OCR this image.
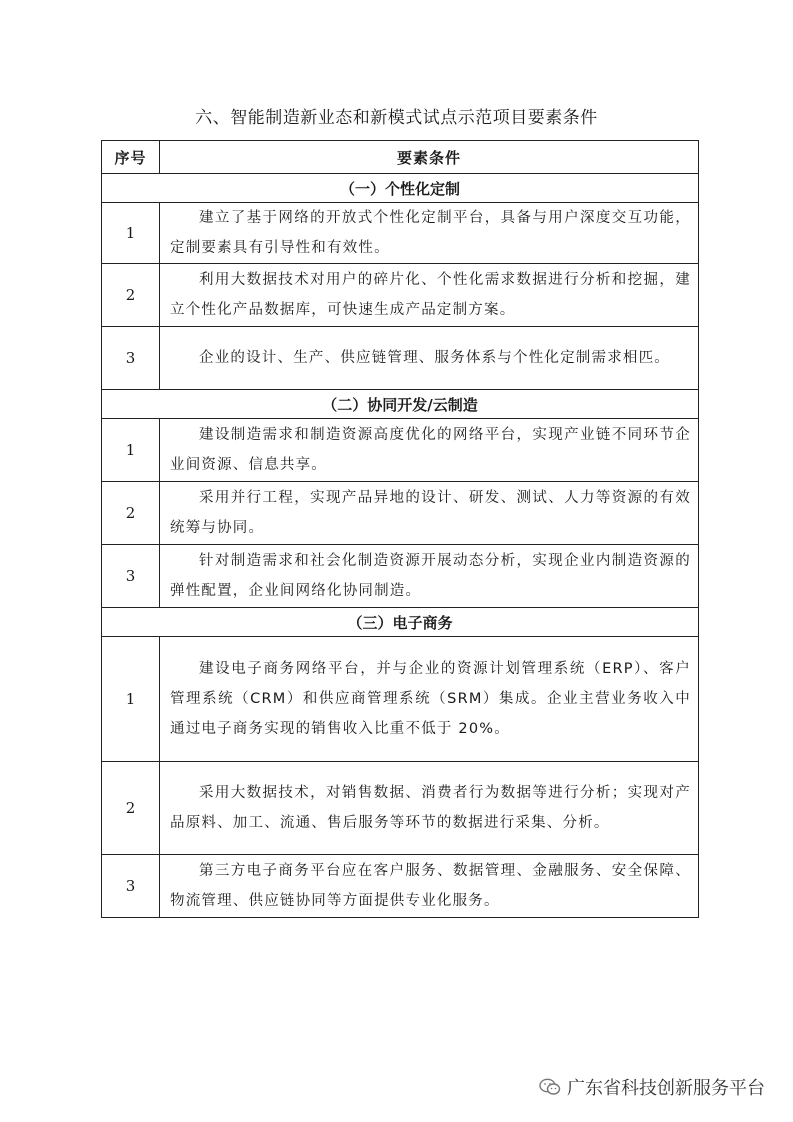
六、智能制造新业态和新模式试点示范项目要素条件
序号	要素条件
（一）个性化定制	
1	建立了基于网络的开放式个性化定制平台，具备与用户深度交互功能，定制要素具有引导性和有效性。
2	利用大数据技术对用户的碎片化、个性化需求数据进行分析和挖掘，建立个性化产品数据库，可快速生成产品定制方案。
3	企业的设计、生产、供应链管理、服务体系与个性化定制需求相匹。
（二）协同开发/云制造	
1	建设制造需求和制造资源高度优化的网络平台，实现产业链不同环节企业间资源、信息共享。
2	采用并行工程，实现产品异地的设计、研发、测试、人力等资源的有效统筹与协同。
3	针对制造需求和社会化制造资源开展动态分析，实现企业内制造资源的弹性配置，企业间网络化协同制造。
（三）电子商务	
1	建设电子商务网络平台，并与企业的资源计划管理系统（ERP）、客户管理系统（CRM）和供应商管理系统（SRM）集成。企业主营业务收入中通过电子商务实现的销售收入比重不低于 20%。
2	采用大数据技术，对销售数据、消费者行为数据等进行分析；实现对产品原料、加工、流通、售后服务等环节的数据进行采集、分析。
3	第三方电子商务平台应在客户服务、数据管理、金融服务、安全保障、物流管理、供应链协同等方面提供专业化服务。
广东省科技创新服务平台
